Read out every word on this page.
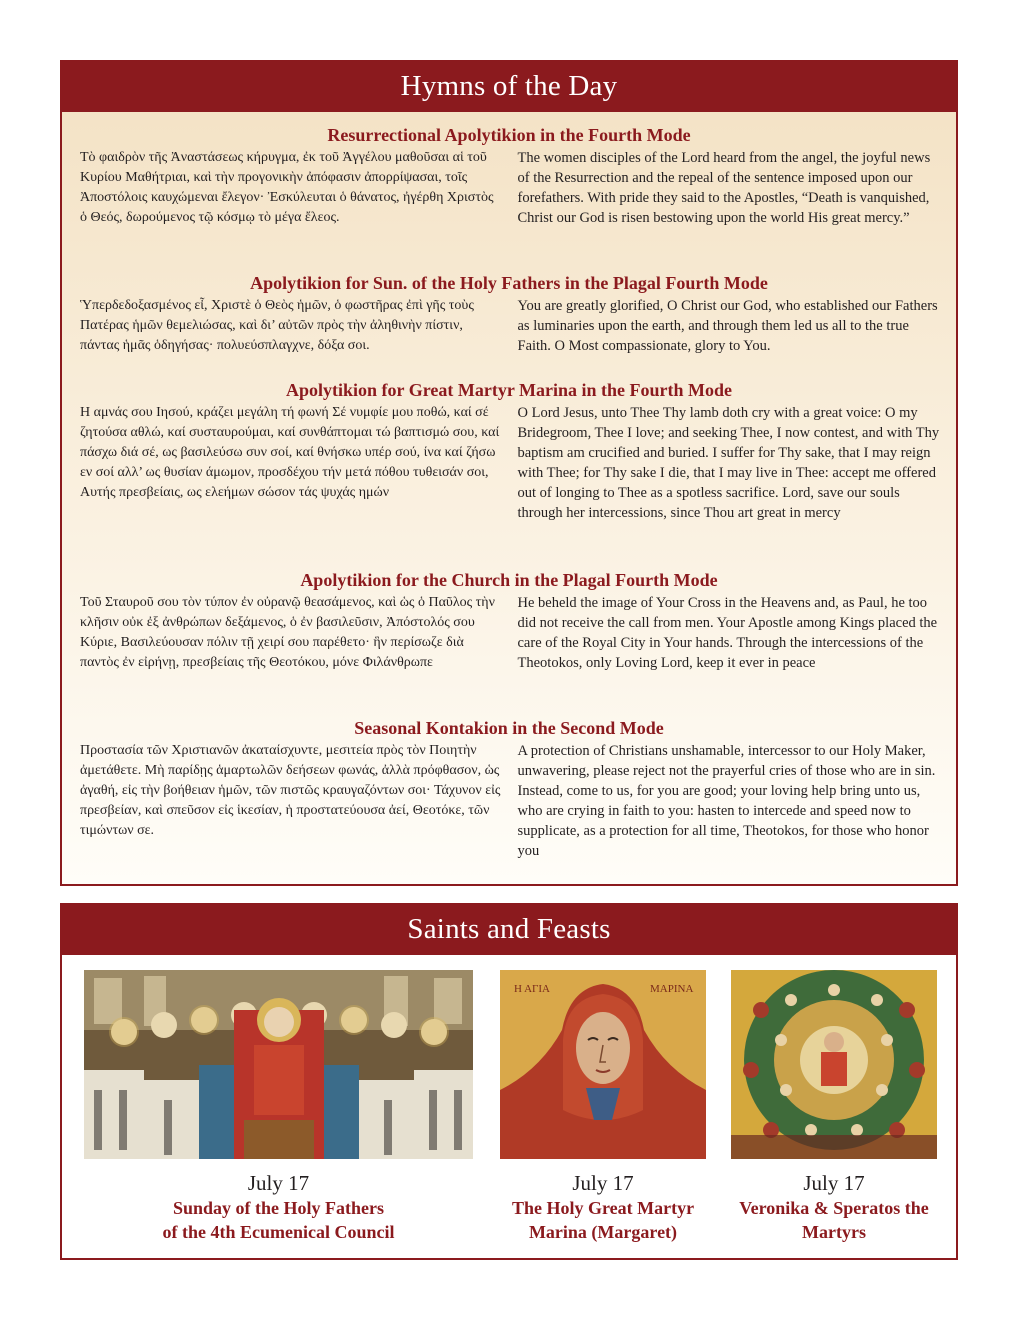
Hymns of the Day
Resurrectional Apolytikion in the Fourth Mode
Τὸ φαιδρὸν τῆς Ἀναστάσεως κήρυγμα, ἐκ τοῦ Ἀγγέλου μαθοῦσαι αἱ τοῦ Κυρίου Μαθήτριαι, καὶ τὴν προγονικὴν ἀπόφασιν ἀπορρίψασαι, τοῖς Ἀποστόλοις καυχώμεναι ἔλεγον· Ἐσκύλευται ὁ θάνατος, ἠγέρθη Χριστὸς ὁ Θεός, δωρούμενος τῷ κόσμῳ τὸ μέγα ἔλεος.
The women disciples of the Lord heard from the angel, the joyful news of the Resurrection and the repeal of the sentence imposed upon our forefathers. With pride they said to the Apostles, “Death is vanquished, Christ our God is risen bestowing upon the world His great mercy.”
Apolytikion for Sun. of the Holy Fathers in the Plagal Fourth Mode
Ὑπερδεδοξασμένος εἶ, Χριστὲ ὁ Θεὸς ἡμῶν, ὁ φωστῆρας ἐπὶ γῆς τοὺς Πατέρας ἡμῶν θεμελιώσας, καὶ δι’ αὐτῶν πρὸς τὴν ἀληθινὴν πίστιν, πάντας ἡμᾶς ὁδηγήσας· πολυεύσπλαγχνε, δόξα σοι.
You are greatly glorified, O Christ our God, who established our Fathers as luminaries upon the earth, and through them led us all to the true Faith. O Most compassionate, glory to You.
Apolytikion for Great Martyr Marina in the Fourth Mode
Η αμνάς σου Ιησού, κράζει μεγάλη τή φωνή Σέ νυμφίε μου ποθώ, καί σέ ζητούσα αθλώ, καί συσταυρούμαι, καί συνθάπτομαι τώ βαπτισμώ σου, καί πάσχω διά σέ, ως βασιλεύσω συν σοί, καί θνήσκω υπέρ σού, ίνα καί ζήσω εν σοί αλλ’ ως θυσίαν άμωμον, προσδέχου τήν μετά πόθου τυθεισάν σοι, Αυτής πρεσβείαις, ως ελεήμων σώσον τάς ψυχάς ημών
O Lord Jesus, unto Thee Thy lamb doth cry with a great voice: O my Bridegroom, Thee I love; and seeking Thee, I now contest, and with Thy baptism am crucified and buried. I suffer for Thy sake, that I may reign with Thee; for Thy sake I die, that I may live in Thee: accept me offered out of longing to Thee as a spotless sacrifice. Lord, save our souls through her intercessions, since Thou art great in mercy
Apolytikion for the Church in the Plagal Fourth Mode
Τοῦ Σταυροῦ σου τὸν τύπον ἐν οὐρανῷ θεασάμενος, καὶ ὡς ὁ Παῦλος τὴν κλῆσιν οὐκ ἐξ ἀνθρώπων δεξάμενος, ὁ ἐν βασιλεῦσιν, Ἀπόστολός σου Κύριε, Βασιλεύουσαν πόλιν τῇ χειρί σου παρέθετο· ἣν περίσωζε διὰ παντὸς ἐν εἰρήνῃ, πρεσβείαις τῆς Θεοτόκου, μόνε Φιλάνθρωπε
He beheld the image of Your Cross in the Heavens and, as Paul, he too did not receive the call from men. Your Apostle among Kings placed the care of the Royal City in Your hands. Through the intercessions of the Theotokos, only Loving Lord, keep it ever in peace
Seasonal Kontakion in the Second Mode
Προστασία τῶν Χριστιανῶν ἀκαταίσχυντε, μεσιτεία πρὸς τὸν Ποιητὴν ἀμετάθετε. Μὴ παρίδῃς ἁμαρτωλῶν δεήσεων φωνάς, ἀλλὰ πρόφθασον, ὡς ἀγαθή, εἰς τὴν βοήθειαν ἡμῶν, τῶν πιστῶς κραυγαζόντων σοι· Τάχυνον εἰς πρεσβείαν, καὶ σπεῦσον εἰς ἱκεσίαν, ἡ προστατεύουσα ἀεί, Θεοτόκε, τῶν τιμώντων σε.
A protection of Christians unshamable, intercessor to our Holy Maker, unwavering, please reject not the prayerful cries of those who are in sin. Instead, come to us, for you are good; your loving help bring unto us, who are crying in faith to you: hasten to intercede and speed now to supplicate, as a protection for all time, Theotokos, for those who honor you
Saints and Feasts
Η ΑΓΙΑ	ΜΑΡΙΝΑ
July 17
Sunday of the Holy Fathers
of the 4th Ecumenical Council
July 17
The Holy Great Martyr
Marina (Margaret)
July 17
Veronika & Speratos the
Martyrs
